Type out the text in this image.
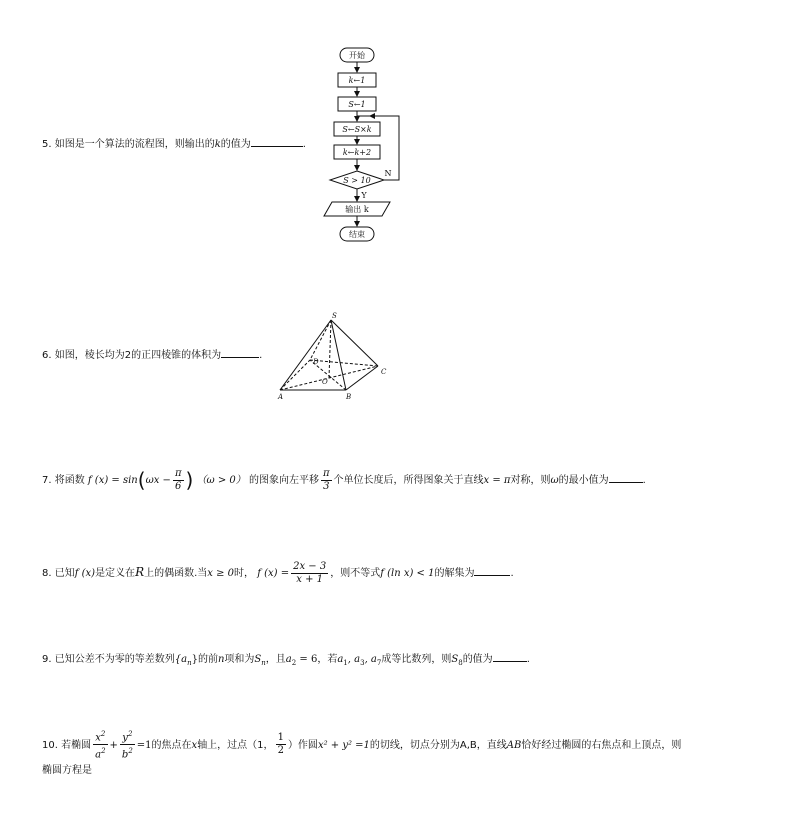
5. 如图是一个算法的流程图，则输出的k的值为	.
开始
k←1
S←1
S←S×k
k←k+2
S > 10
N
Y
输出 k
结束
6. 如图，棱长均为2的正四棱锥的体积为	.
S
D
O
C
A	B
7. 将函数 f $(x) = \sin(\omega x - \frac{\pi}{6}$ ) （ω > 0） 的图象向左平移 $\frac{\pi}{3}$ 个单位长度后，所得图象关于直线x = π对称，则ω的最小值为	.
8. 已知f (x)是定义在R上的偶函数.当x ≥ 0时， f $(x) = \frac{2x - 3}{x + 1}$ ，则不等式f (ln x) < 1的解集为	.
9. 已知公差不为零的等差数列$\{a_n\}$的前n项和为$S_n$，且$a_2 = 6$，若$a_1$, $a_3$, $a_7$成等比数列，则$S_8$的值为	.
10. 若椭圆 $\frac{x^2}{a^2} + \frac{y^2}{b^2} =1$的焦点在x轴上，过点（1， $\frac{1}{2}$ ）作圆x² + y² =1的切线，切点分别为A,B，直线AB恰好经过椭圆的右焦点和上顶点，则
椭圆方程是
